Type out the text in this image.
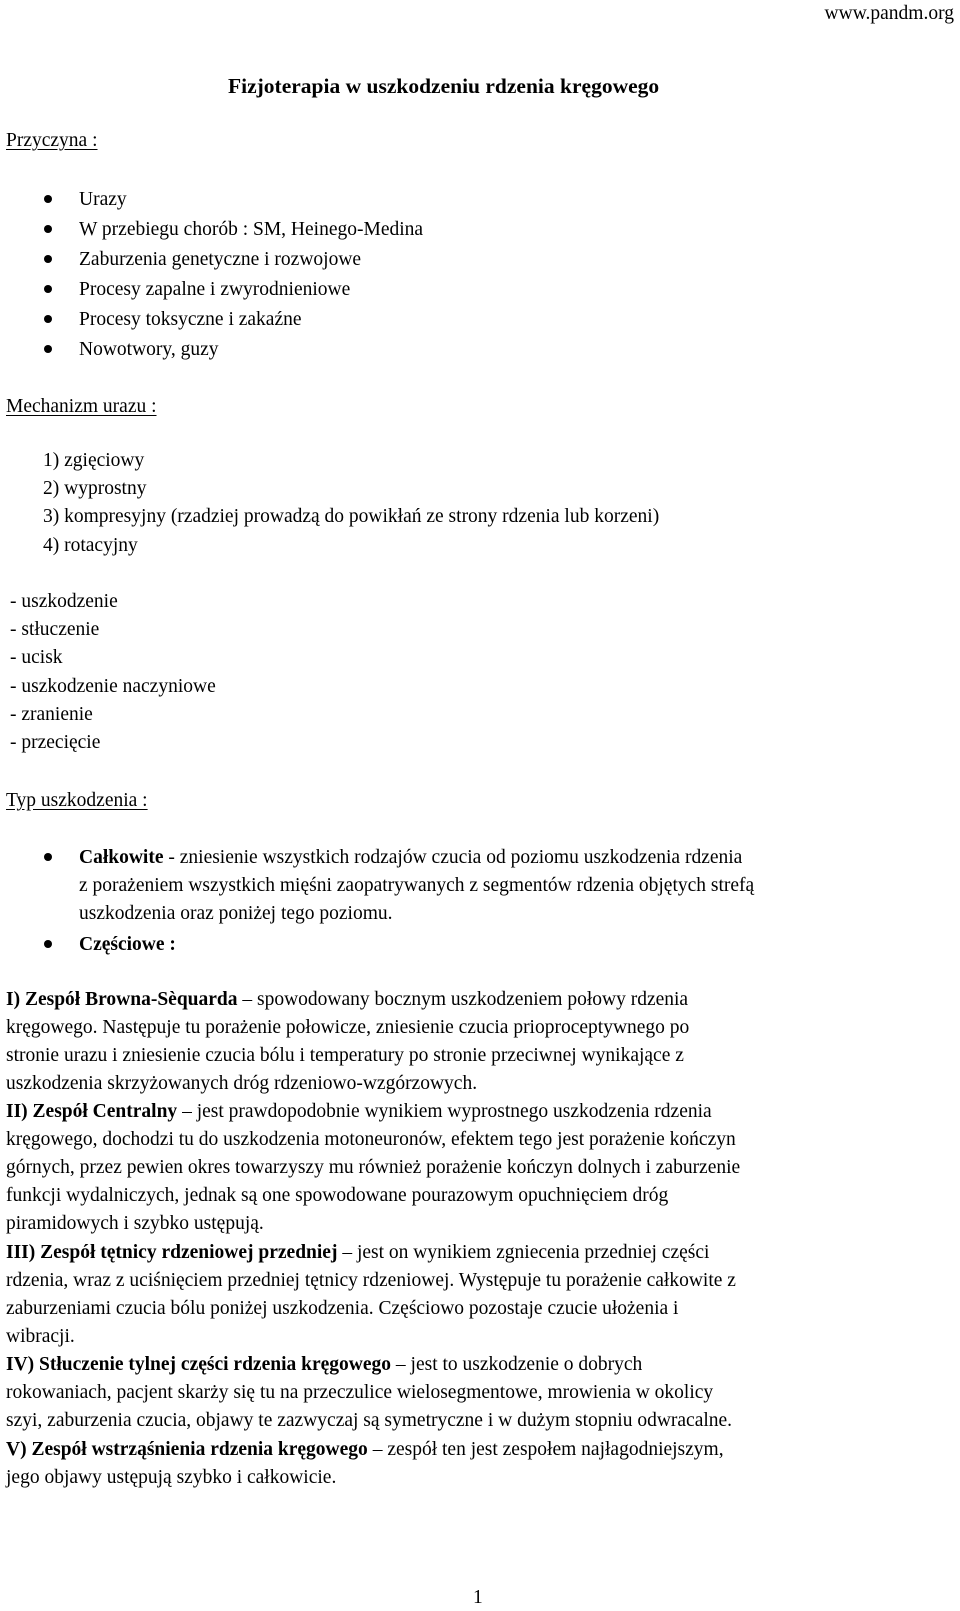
www.pandm.org
Fizjoterapia w uszkodzeniu rdzenia kręgowego
Przyczyna :
Urazy
W przebiegu chorób : SM, Heinego-Medina
Zaburzenia genetyczne i rozwojowe
Procesy zapalne i zwyrodnieniowe
Procesy toksyczne i zakaźne
Nowotwory, guzy
Mechanizm urazu :
1) zgięciowy
2) wyprostny
3) kompresyjny (rzadziej prowadzą do powikłań ze strony rdzenia lub korzeni)
4) rotacyjny
- uszkodzenie
- stłuczenie
- ucisk
- uszkodzenie naczyniowe
- zranienie
- przecięcie
Typ uszkodzenia :
Całkowite - zniesienie wszystkich rodzajów czucia od poziomu uszkodzenia rdzenia
z porażeniem wszystkich mięśni zaopatrywanych z segmentów rdzenia objętych strefą
uszkodzenia oraz poniżej tego poziomu.
Częściowe :
I) Zespół Browna-Sèquarda – spowodowany bocznym uszkodzeniem połowy rdzenia
kręgowego. Następuje tu porażenie połowicze, zniesienie czucia prioproceptywnego po
stronie urazu i zniesienie czucia bólu i temperatury po stronie przeciwnej wynikające z
uszkodzenia skrzyżowanych dróg rdzeniowo-wzgórzowych.
II) Zespół Centralny – jest prawdopodobnie wynikiem wyprostnego uszkodzenia rdzenia
kręgowego, dochodzi tu do uszkodzenia motoneuronów, efektem tego jest porażenie kończyn
górnych, przez pewien okres towarzyszy mu również porażenie kończyn dolnych i zaburzenie
funkcji wydalniczych, jednak są one spowodowane pourazowym opuchnięciem dróg
piramidowych i szybko ustępują.
III) Zespół tętnicy rdzeniowej przedniej – jest on wynikiem zgniecenia przedniej części
rdzenia, wraz z uciśnięciem przedniej tętnicy rdzeniowej. Występuje tu porażenie całkowite z
zaburzeniami czucia bólu poniżej uszkodzenia. Częściowo pozostaje czucie ułożenia i
wibracji.
IV) Stłuczenie tylnej części rdzenia kręgowego – jest to uszkodzenie o dobrych
rokowaniach, pacjent skarży się tu na przeczulice wielosegmentowe, mrowienia w okolicy
szyi, zaburzenia czucia, objawy te zazwyczaj są symetryczne i w dużym stopniu odwracalne.
V) Zespół wstrząśnienia rdzenia kręgowego – zespół ten jest zespołem najłagodniejszym,
jego objawy ustępują szybko i całkowicie.
1
